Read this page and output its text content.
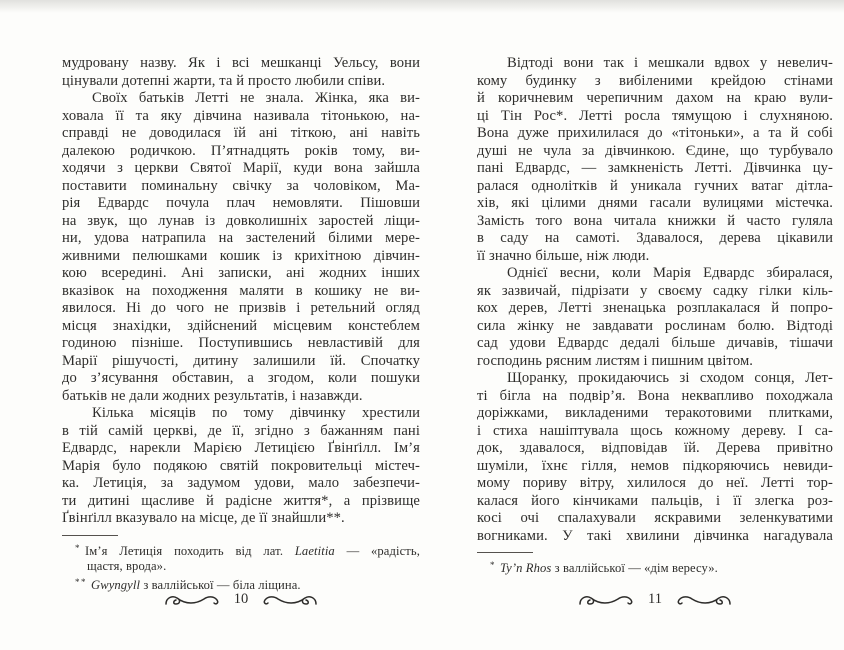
мудровану назву. Як і всі мешканці Уельсу, вони
цінували дотепні жарти, та й просто любили співи.
Своїх батьків Летті не знала. Жінка, яка ви-
ховала її та яку дівчина називала тітонькою, на-
справді не доводилася їй ані тіткою, ані навіть
далекою родичкою. П’ятнадцять років тому, ви-
ходячи з церкви Святої Марії, куди вона зайшла
поставити поминальну свічку за чоловіком, Ма-
рія Едвардс почула плач немовляти. Пішовши
на звук, що лунав із довколишніх заростей ліщи-
ни, удова натрапила на застелений білими мере-
живними пелюшками кошик із крихітною дівчин-
кою всередині. Ані записки, ані жодних інших
вказівок на походження маляти в кошику не ви-
явилося. Ні до чого не призвів і ретельний огляд
місця знахідки, здійснений місцевим констеблем
годиною пізніше. Поступившись невластивій для
Марії рішучості, дитину залишили їй. Спочатку
до з’ясування обставин, а згодом, коли пошуки
батьків не дали жодних результатів, і назавжди.
Кілька місяців по тому дівчинку хрестили
в тій самій церкві, де її, згідно з бажанням пані
Едвардс, нарекли Марією Летицією Ґвінґілл. Ім’я
Марія було подякою святій покровительці містеч-
ка. Летиція, за задумом удови, мало забезпечи-
ти дитині щасливе й радісне життя*, а прізвище
Ґвінґілл вказувало на місце, де її знайшли**.
* Ім’я Летиція походить від лат. Laetitia — «радість,
щастя, врода».
** Gwyngyll з валлійської — біла ліщина.
10
Відтоді вони так і мешкали вдвох у невелич-
кому будинку з вибіленими крейдою стінами
й коричневим черепичним дахом на краю вули-
ці Тін Рос*. Летті росла тямущою і слухняною.
Вона дуже прихилилася до «тітоньки», а та й собі
душі не чула за дівчинкою. Єдине, що турбувало
пані Едвардс, — замкненість Летті. Дівчинка цу-
ралася однолітків й уникала гучних ватаг дітла-
хів, які цілими днями гасали вулицями містечка.
Замість того вона читала книжки й часто гуляла
в саду на самоті. Здавалося, дерева цікавили
її значно більше, ніж люди.
Однієї весни, коли Марія Едвардс збиралася,
як зазвичай, підрізати у своєму садку гілки кіль-
кох дерев, Летті зненацька розплакалася й попро-
сила жінку не завдавати рослинам болю. Відтоді
сад удови Едвардс дедалі більше дичавів, тішачи
господинь рясним листям і пишним цвітом.
Щоранку, прокидаючись зі сходом сонця, Лет-
ті бігла на подвір’я. Вона неквапливо походжала
доріжками, викладеними теракотовими плитками,
і стиха нашіптувала щось кожному дереву. І са-
док, здавалося, відповідав їй. Дерева привітно
шуміли, їхнє гілля, немов підкоряючись невиди-
мому пориву вітру, хилилося до неї. Летті тор-
калася його кінчиками пальців, і її злегка роз-
косі очі спалахували яскравими зеленкуватими
вогниками. У такі хвилини дівчинка нагадувала
* Ty’n Rhos з валлійської — «дім вересу».
11
